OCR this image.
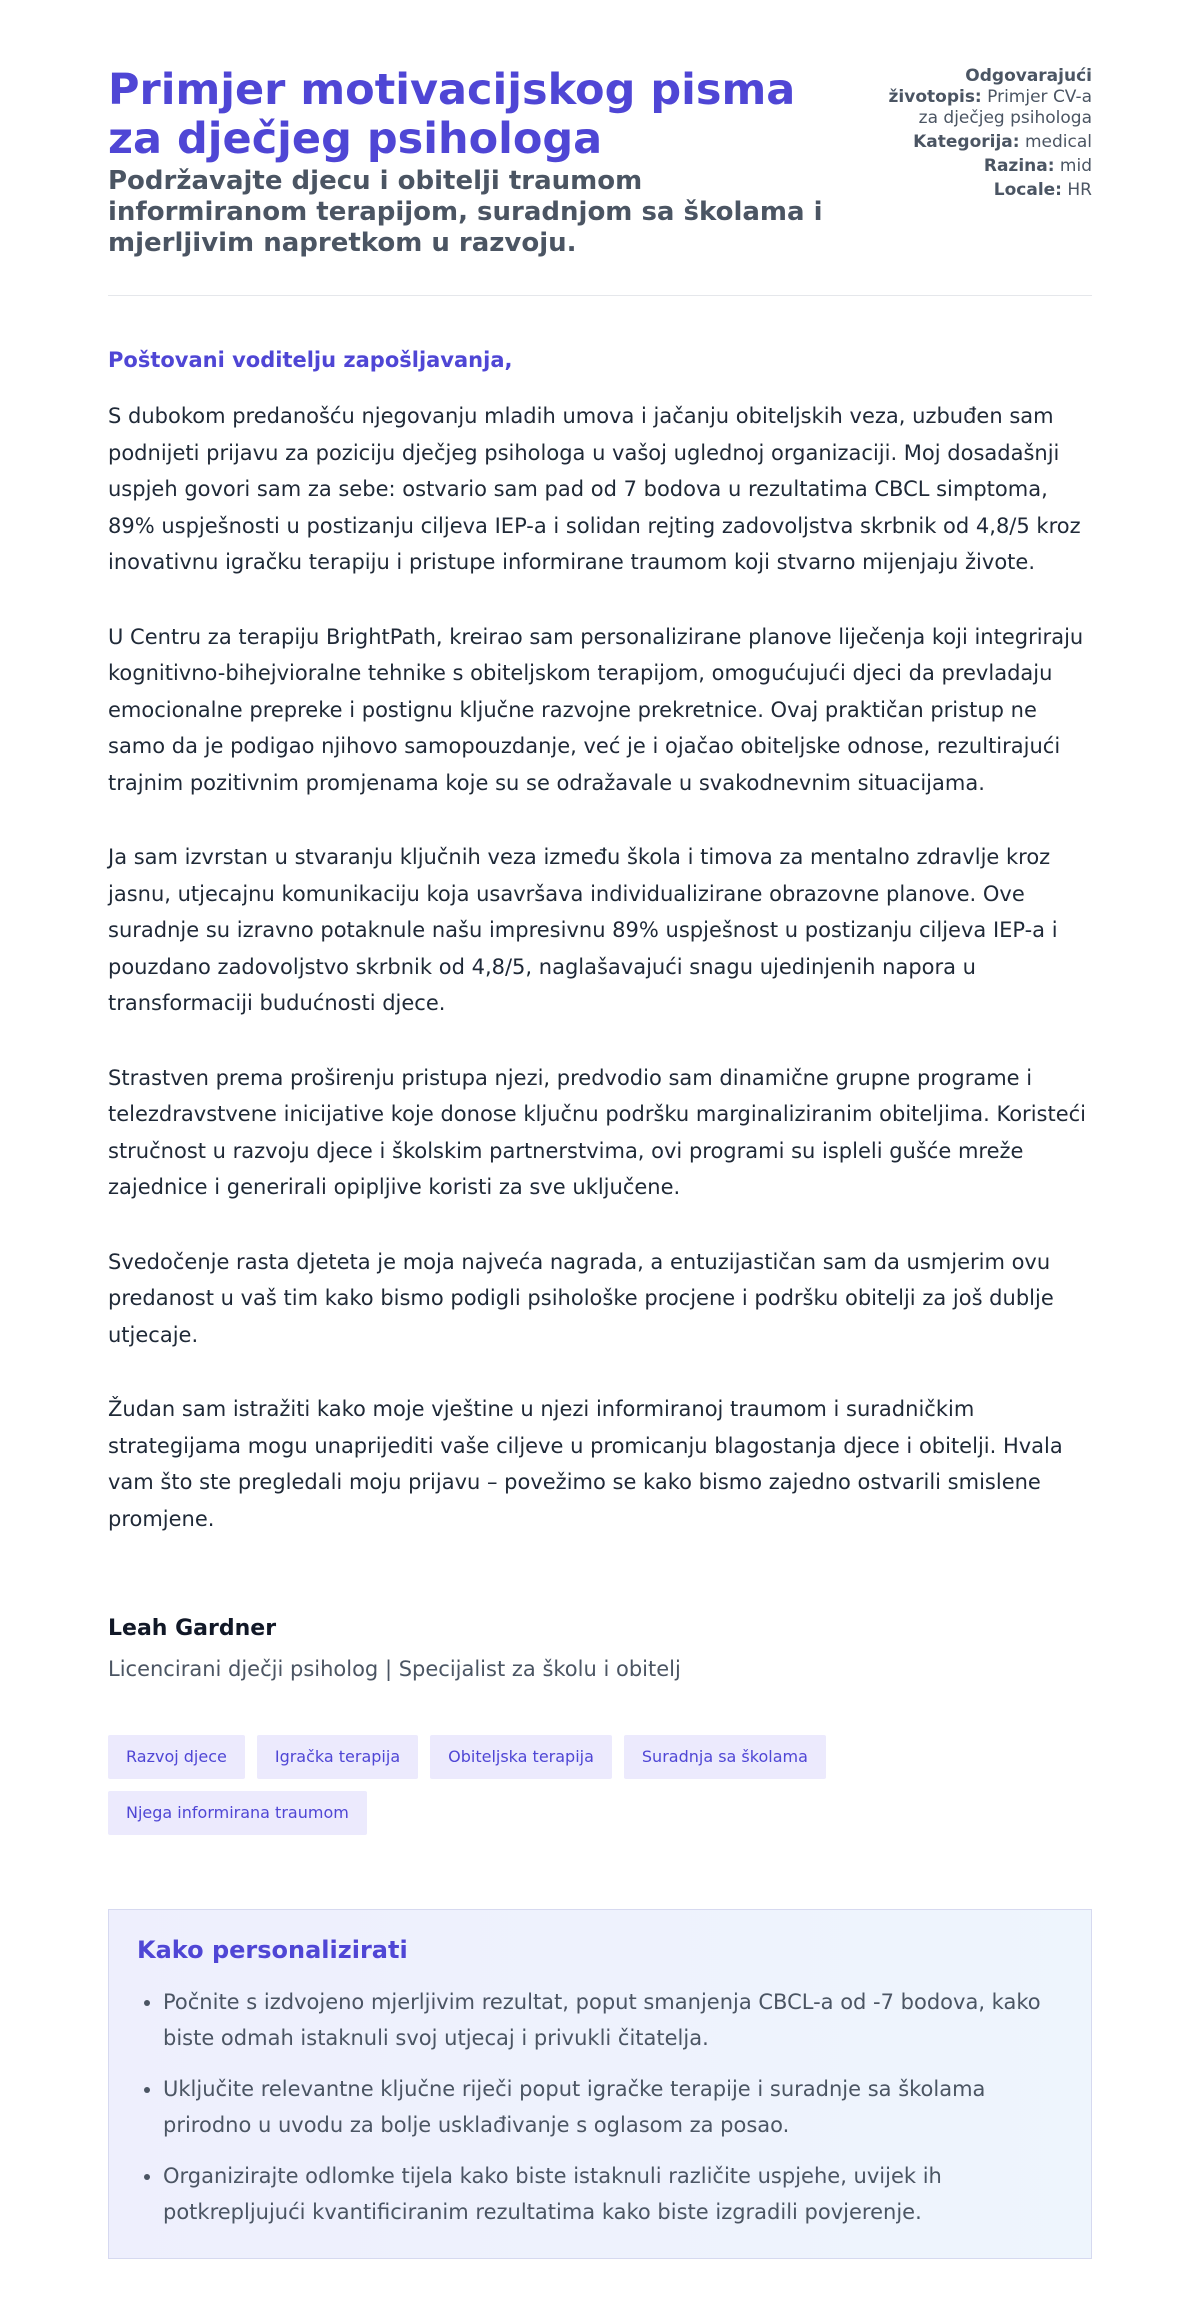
Primjer motivacijskog pisma za dječjeg psihologa
Podržavajte djecu i obitelji traumom informiranom terapijom, suradnjom sa školama i mjerljivim napretkom u razvoju.
Odgovarajući životopis: Primjer CV-a za dječjeg psihologa
Kategorija: medical
Razina: mid
Locale: HR

Poštovani voditelju zapošljavanja,

S dubokom predanošću njegovanju mladih umova i jačanju obiteljskih veza, uzbuđen sam podnijeti prijavu za poziciju dječjeg psihologa u vašoj uglednoj organizaciji. Moj dosadašnji uspjeh govori sam za sebe: ostvario sam pad od 7 bodova u rezultatima CBCL simptoma, 89% uspješnosti u postizanju ciljeva IEP-a i solidan rejting zadovoljstva skrbnik od 4,8/5 kroz inovativnu igračku terapiju i pristupe informirane traumom koji stvarno mijenjaju živote.

U Centru za terapiju BrightPath, kreirao sam personalizirane planove liječenja koji integriraju kognitivno-bihejvioralne tehnike s obiteljskom terapijom, omogućujući djeci da prevladaju emocionalne prepreke i postignu ključne razvojne prekretnice. Ovaj praktičan pristup ne samo da je podigao njihovo samopouzdanje, već je i ojačao obiteljske odnose, rezultirajući trajnim pozitivnim promjenama koje su se odražavale u svakodnevnim situacijama.

Ja sam izvrstan u stvaranju ključnih veza između škola i timova za mentalno zdravlje kroz jasnu, utjecajnu komunikaciju koja usavršava individualizirane obrazovne planove. Ove suradnje su izravno potaknule našu impresivnu 89% uspješnost u postizanju ciljeva IEP-a i pouzdano zadovoljstvo skrbnik od 4,8/5, naglašavajući snagu ujedinjenih napora u transformaciji budućnosti djece.

Strastven prema proširenju pristupa njezi, predvodio sam dinamične grupne programe i telezdravstvene inicijative koje donose ključnu podršku marginaliziranim obiteljima. Koristeći stručnost u razvoju djece i školskim partnerstvima, ovi programi su ispleli gušće mreže zajednice i generirali opipljive koristi za sve uključene.

Svedočenje rasta djeteta je moja najveća nagrada, a entuzijastičan sam da usmjerim ovu predanost u vaš tim kako bismo podigli psihološke procjene i podršku obitelji za još dublje utjecaje.

Žudan sam istražiti kako moje vještine u njezi informiranoj traumom i suradničkim strategijama mogu unaprijediti vaše ciljeve u promicanju blagostanja djece i obitelji. Hvala vam što ste pregledali moju prijavu – povežimo se kako bismo zajedno ostvarili smislene promjene.

Leah Gardner

Licencirani dječji psiholog | Specijalist za školu i obitelj

Razvoj djece	Igračka terapija	Obiteljska terapija	Suradnja sa školama
Njega informirana traumom
Kako personalizirati
• Počnite s izdvojeno mjerljivim rezultat, poput smanjenja CBCL-a od -7 bodova, kako biste odmah istaknuli svoj utjecaj i privukli čitatelja.
• Uključite relevantne ključne riječi poput igračke terapije i suradnje sa školama prirodno u uvodu za bolje usklađivanje s oglasom za posao.
• Organizirajte odlomke tijela kako biste istaknuli različite uspjehe, uvijek ih potkrepljujući kvantificiranim rezultatima kako biste izgradili povjerenje.
